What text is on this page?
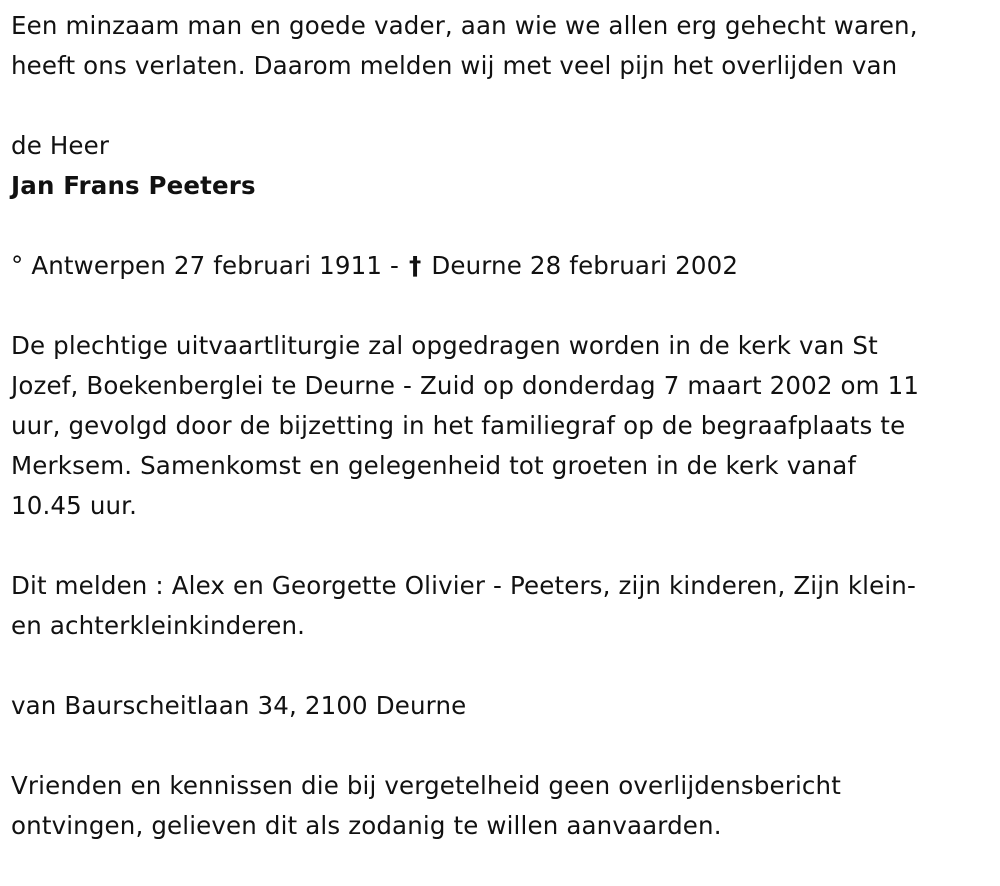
Een minzaam man en goede vader, aan wie we allen erg gehecht waren,
heeft ons verlaten. Daarom melden wij met veel pijn het overlijden van

de Heer

Jan Frans Peeters

° Antwerpen 27 februari 1911 - † Deurne 28 februari 2002

De plechtige uitvaartliturgie zal opgedragen worden in de kerk van St
Jozef, Boekenberglei te Deurne - Zuid op donderdag 7 maart 2002 om 11
uur, gevolgd door de bijzetting in het familiegraf op de begraafplaats te
Merksem. Samenkomst en gelegenheid tot groeten in de kerk vanaf
10.45 uur.

Dit melden : Alex en Georgette Olivier - Peeters, zijn kinderen, Zijn klein-
en achterkleinkinderen.

van Baurscheitlaan 34, 2100 Deurne

Vrienden en kennissen die bij vergetelheid geen overlijdensbericht
ontvingen, gelieven dit als zodanig te willen aanvaarden.
